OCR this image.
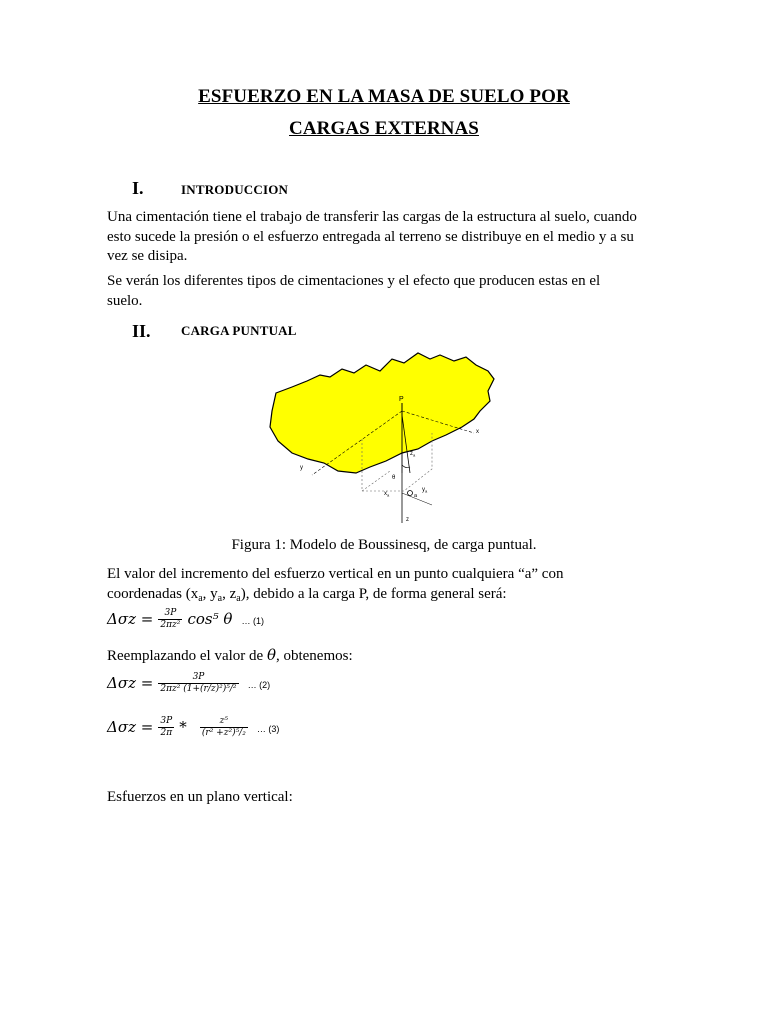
ESFUERZO EN LA MASA DE SUELO POR
CARGAS EXTERNAS
I.	INTRODUCCION
Una cimentación tiene el trabajo de transferir las cargas de la estructura al suelo, cuando
esto sucede la presión o el esfuerzo entregada al terreno se distribuye en el medio y a su
vez se disipa.
Se verán los diferentes tipos de cimentaciones y el efecto que producen estas en el
suelo.
II. CARGA PUNTUAL
P
x
y
z
θ
$z_a$
$y_a$
$x_a$	a
Figura 1: Modelo de Boussinesq, de carga puntual.
El valor del incremento del esfuerzo vertical en un punto cualquiera “a” con
coordenadas ($x_a$, $y_a$, $z_a$), debido a la carga P, de forma general será:
$\Delta\sigma z = \frac{3P}{\text{2πz²}} \cos^5$ θ … (1)
Reemplazando el valor de θ, obtenemos:
$\Delta\sigma z = \frac{3P}{\text{2πz² (1+(r/z)²)⁵/²}}$ … (2)
$\Delta\sigma z = \frac{3P}{2\pi} * \frac{\text{z⁵}}{\text{(r² +z²)⁵/₂}}$ … (3)
Esfuerzos en un plano vertical:
